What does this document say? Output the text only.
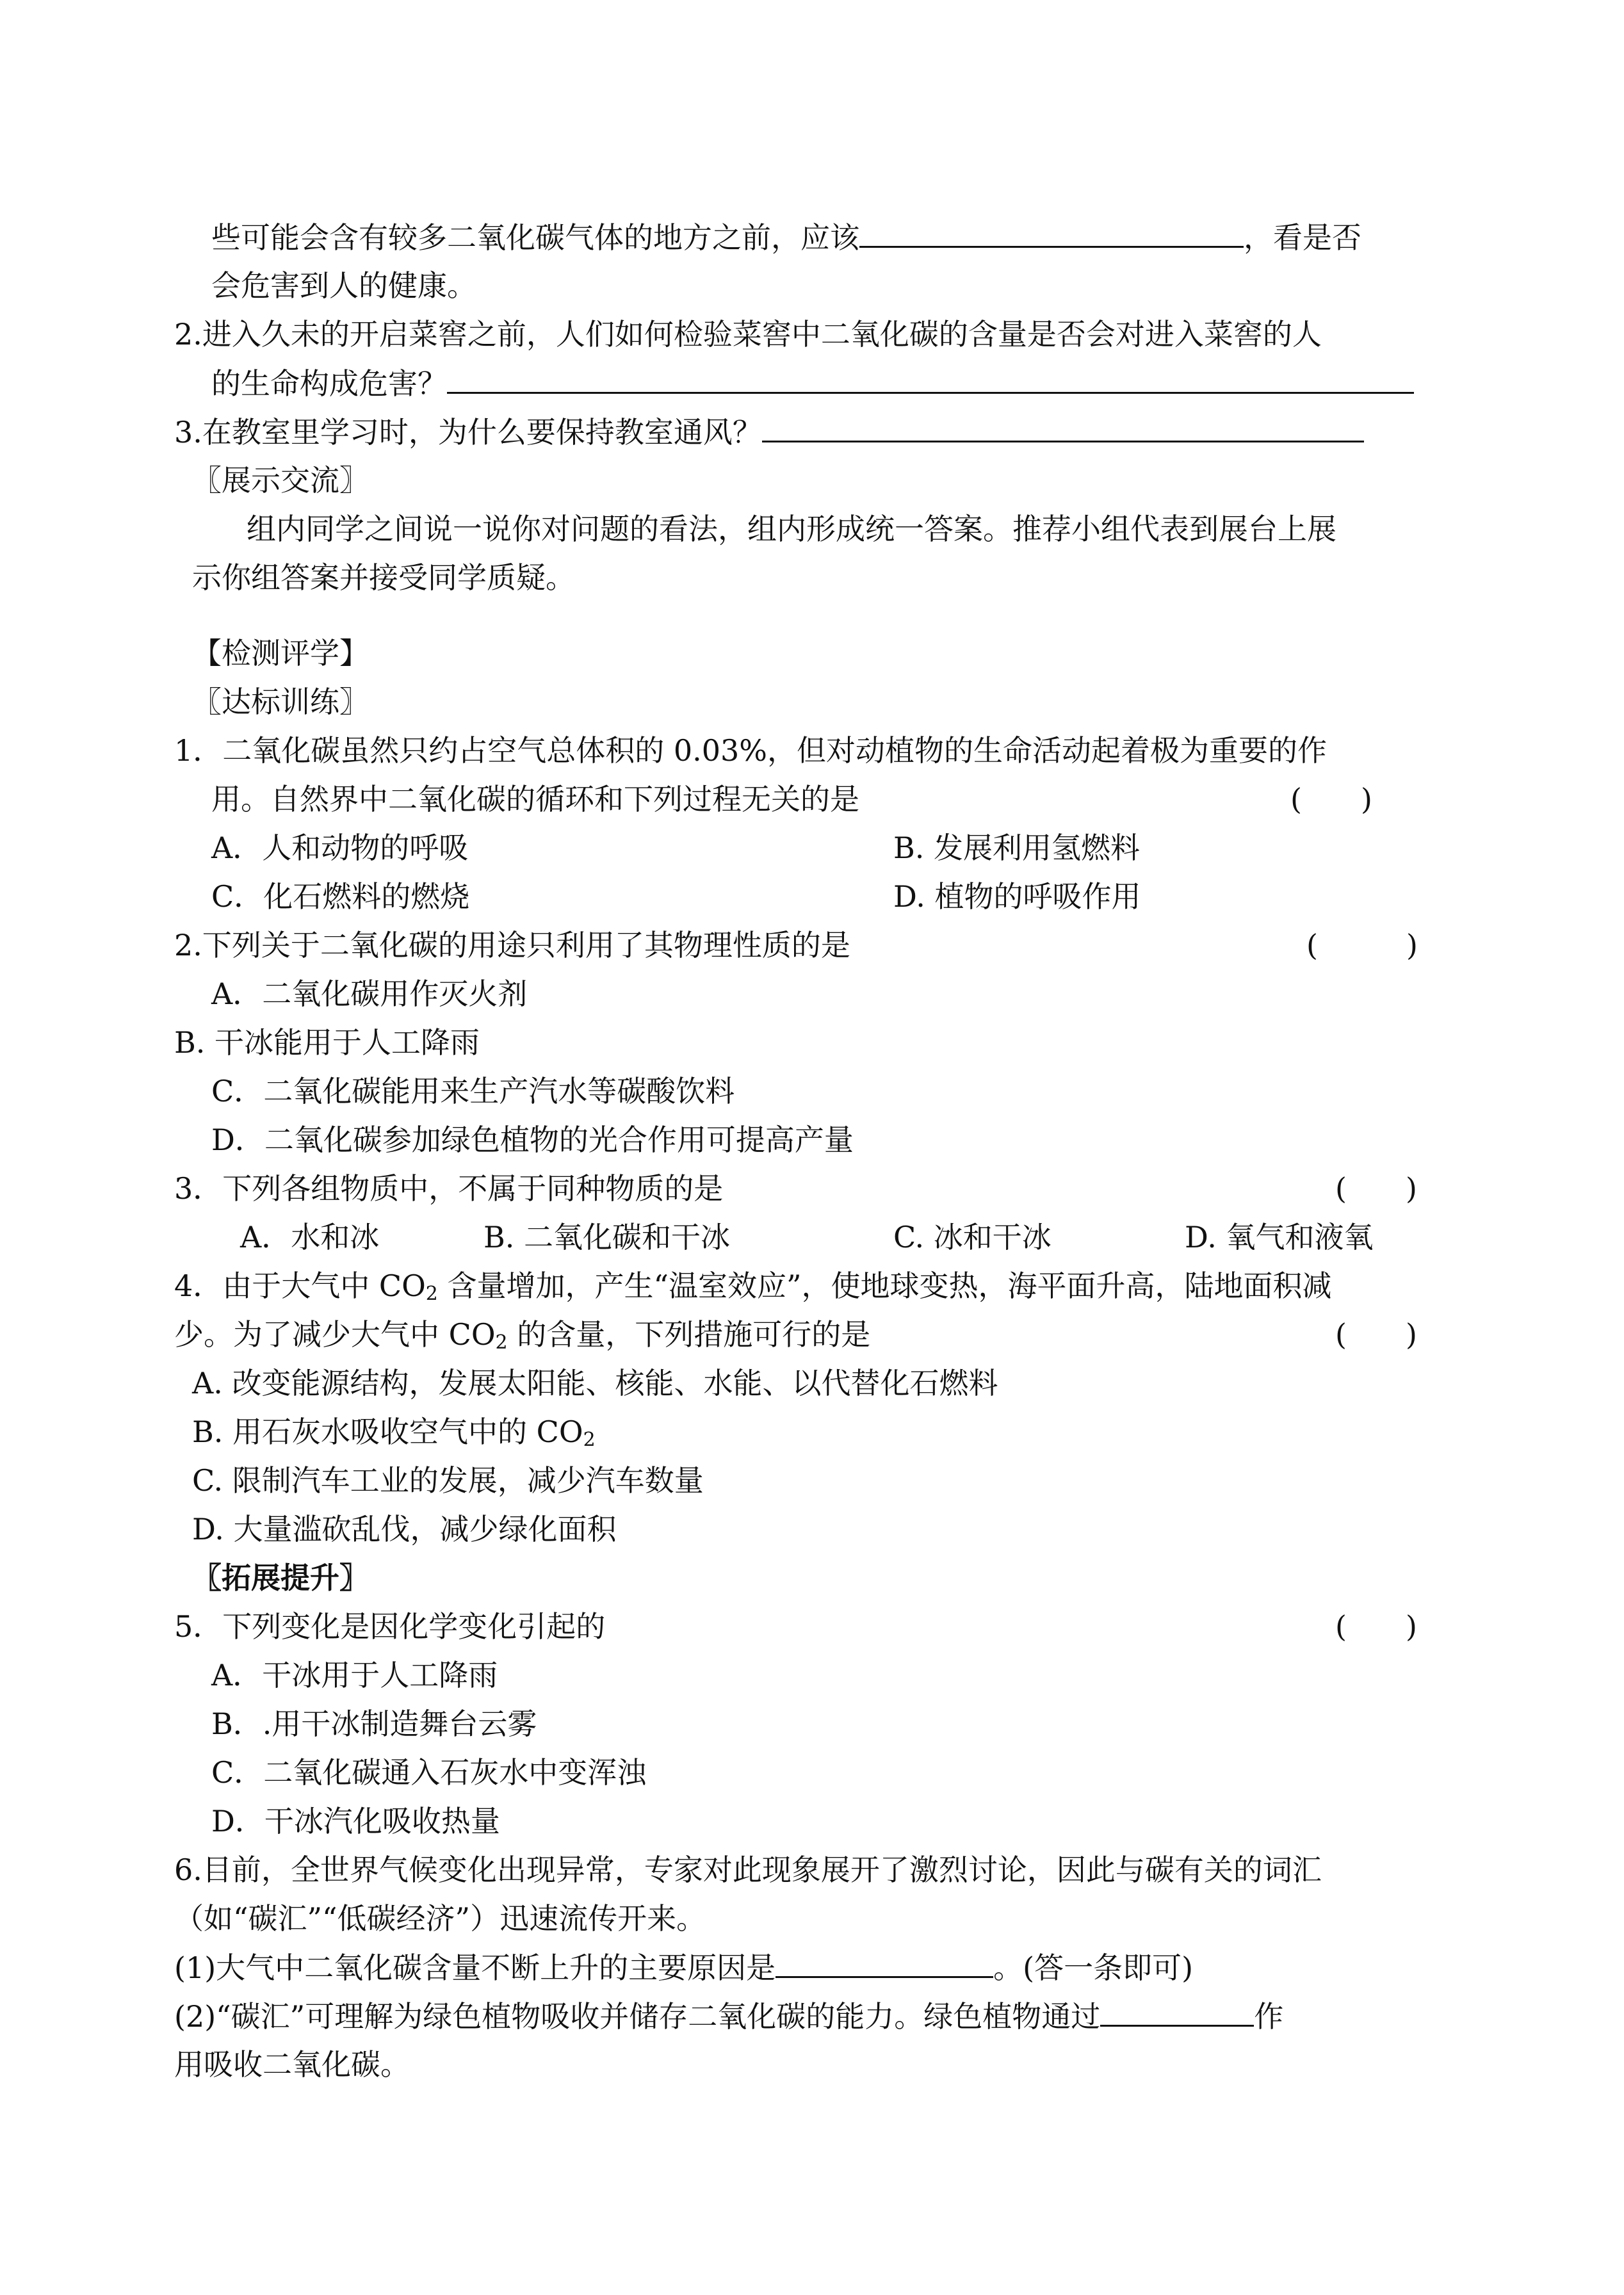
些可能会含有较多二氧化碳气体的地方之前，应该	，看是否
会危害到人的健康。
2.进入久未的开启菜窖之前，人们如何检验菜窖中二氧化碳的含量是否会对进入菜窖的人
的生命构成危害？
3.在教室里学习时，为什么要保持教室通风？
〖展示交流〗
组内同学之间说一说你对问题的看法，组内形成统一答案。推荐小组代表到展台上展
示你组答案并接受同学质疑。
【检测评学】
〖达标训练〗
1．二氧化碳虽然只约占空气总体积的 0.03%，但对动植物的生命活动起着极为重要的作
用。自然界中二氧化碳的循环和下列过程无关的是	(　　)
A．人和动物的呼吸	B. 发展利用氢燃料
C．化石燃料的燃烧	D. 植物的呼吸作用
2.下列关于二氧化碳的用途只利用了其物理性质的是	(　　　)
A．二氧化碳用作灭火剂
B. 干冰能用于人工降雨
C．二氧化碳能用来生产汽水等碳酸饮料
D．二氧化碳参加绿色植物的光合作用可提高产量
3．下列各组物质中，不属于同种物质的是	(　　)
A．水和冰	B. 二氧化碳和干冰	C. 冰和干冰	D. 氧气和液氧
4．由于大气中 $CO_2$ 含量增加，产生“温室效应”，使地球变热，海平面升高，陆地面积减
少。为了减少大气中 $CO_2$ 的含量，下列措施可行的是	(　　)
A. 改变能源结构，发展太阳能、核能、水能、以代替化石燃料
B. 用石灰水吸收空气中的 $CO_2$
C. 限制汽车工业的发展，减少汽车数量
D. 大量滥砍乱伐，减少绿化面积
〖拓展提升〗
5．下列变化是因化学变化引起的	(　　)
A．干冰用于人工降雨
B．.用干冰制造舞台云雾
C．二氧化碳通入石灰水中变浑浊
D．干冰汽化吸收热量
6.目前，全世界气候变化出现异常，专家对此现象展开了激烈讨论，因此与碳有关的词汇
（如“碳汇”“低碳经济”）迅速流传开来。
(1)大气中二氧化碳含量不断上升的主要原因是	。(答一条即可)
(2)“碳汇”可理解为绿色植物吸收并储存二氧化碳的能力。绿色植物通过	作
用吸收二氧化碳。
